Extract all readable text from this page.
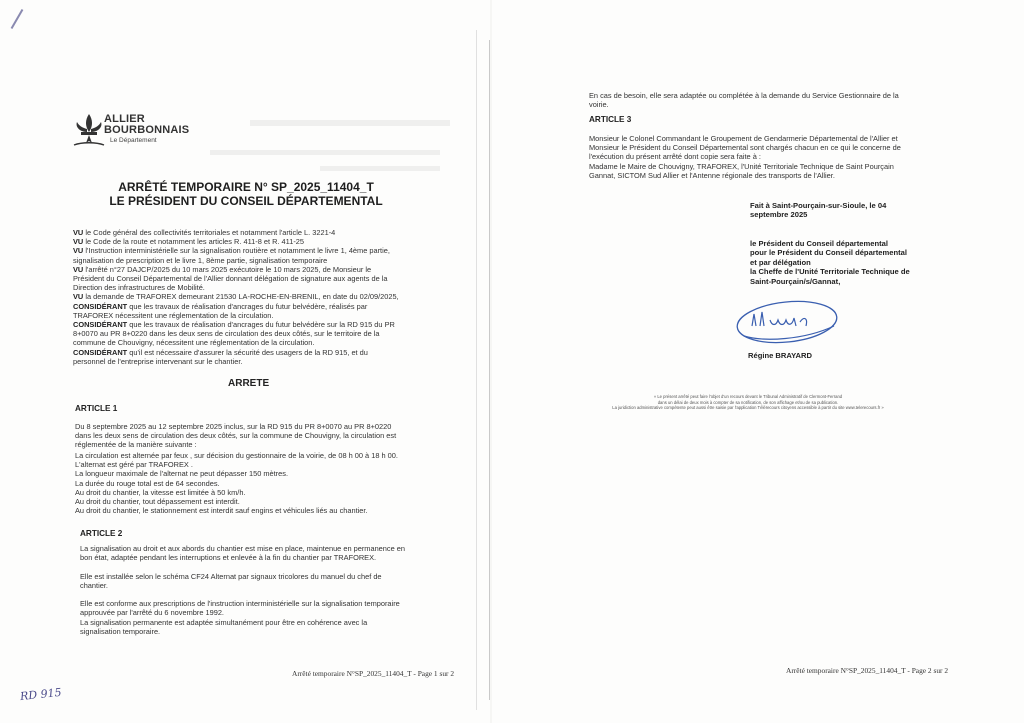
ALLIER
BOURBONNAIS
Le Département
ARRÊTÉ TEMPORAIRE N° SP_2025_11404_T
LE PRÉSIDENT DU CONSEIL DÉPARTEMENTAL
VU le Code général des collectivités territoriales et notamment l'article L. 3221-4
VU le Code de la route et notamment les articles R. 411-8 et R. 411-25
VU l'Instruction interministérielle sur la signalisation routière et notamment le livre 1, 4ème partie,
signalisation de prescription et le livre 1, 8ème partie, signalisation temporaire
VU l'arrêté n°27 DAJCP/2025 du 10 mars 2025 exécutoire le 10 mars 2025, de Monsieur le
Président du Conseil Départemental de l'Allier donnant délégation de signature aux agents de la
Direction des infrastructures de Mobilité.
VU la demande de TRAFOREX demeurant 21530 LA-ROCHE-EN-BRENIL, en date du 02/09/2025,
CONSIDÉRANT que les travaux de réalisation d'ancrages du futur belvédère, réalisés par
TRAFOREX nécessitent une réglementation de la circulation.
CONSIDÉRANT que les travaux de réalisation d'ancrages du futur belvédère sur la RD 915 du PR
8+0070 au PR 8+0220 dans les deux sens de circulation des deux côtés, sur le territoire de la
commune de Chouvigny, nécessitent une réglementation de la circulation.
CONSIDÉRANT qu'il est nécessaire d'assurer la sécurité des usagers de la RD 915, et du
personnel de l'entreprise intervenant sur le chantier.
ARRETE
ARTICLE 1
Du 8 septembre 2025 au 12 septembre 2025 inclus, sur la RD 915 du PR 8+0070 au PR 8+0220
dans les deux sens de circulation des deux côtés, sur la commune de Chouvigny, la circulation est
réglementée de la manière suivante :
La circulation est alternée par feux , sur décision du gestionnaire de la voirie, de 08 h 00 à 18 h 00.
L'alternat est géré par TRAFOREX .
La longueur maximale de l'alternat ne peut dépasser 150 mètres.
La durée du rouge total est de 64 secondes.
Au droit du chantier, la vitesse est limitée à 50 km/h.
Au droit du chantier, tout dépassement est interdit.
Au droit du chantier, le stationnement est interdit sauf engins et véhicules liés au chantier.
ARTICLE 2
La signalisation au droit et aux abords du chantier est mise en place, maintenue en permanence en
bon état, adaptée pendant les interruptions et enlevée à la fin du chantier par TRAFOREX.

Elle est installée selon le schéma CF24 Alternat par signaux tricolores du manuel du chef de
chantier.

Elle est conforme aux prescriptions de l'instruction interministérielle sur la signalisation temporaire
approuvée par l'arrêté du 6 novembre 1992.
La signalisation permanente est adaptée simultanément pour être en cohérence avec la
signalisation temporaire.
Arrêté temporaire N°SP_2025_11404_T - Page 1 sur 2
RD 915
En cas de besoin, elle sera adaptée ou complétée à la demande du Service Gestionnaire de la
voirie.
ARTICLE 3
Monsieur le Colonel Commandant le Groupement de Gendarmerie Départemental de l'Allier et
Monsieur le Président du Conseil Départemental sont chargés chacun en ce qui le concerne de
l'exécution du présent arrêté dont copie sera faite à :
Madame le Maire de Chouvigny, TRAFOREX, l'Unité Territoriale Technique de Saint Pourçain
Gannat, SICTOM Sud Allier et l'Antenne régionale des transports de l'Allier.
Fait à Saint-Pourçain-sur-Sioule, le 04
septembre 2025
le Président du Conseil départemental
pour le Président du Conseil départemental
et par délégation
la Cheffe de l'Unité Territoriale Technique de
Saint-Pourçain/s/Gannat,
Régine BRAYARD
« Le présent arrêté peut faire l'objet d'un recours devant le Tribunal Administratif de Clermont-Ferrand
dans un délai de deux mois à compter de sa notification, de son affichage et/ou de sa publication.
La juridiction administrative compétente peut aussi être saisie par l'application Télérecours citoyens accessible à partir du site www.telerecours.fr »
Arrêté temporaire N°SP_2025_11404_T - Page 2 sur 2
